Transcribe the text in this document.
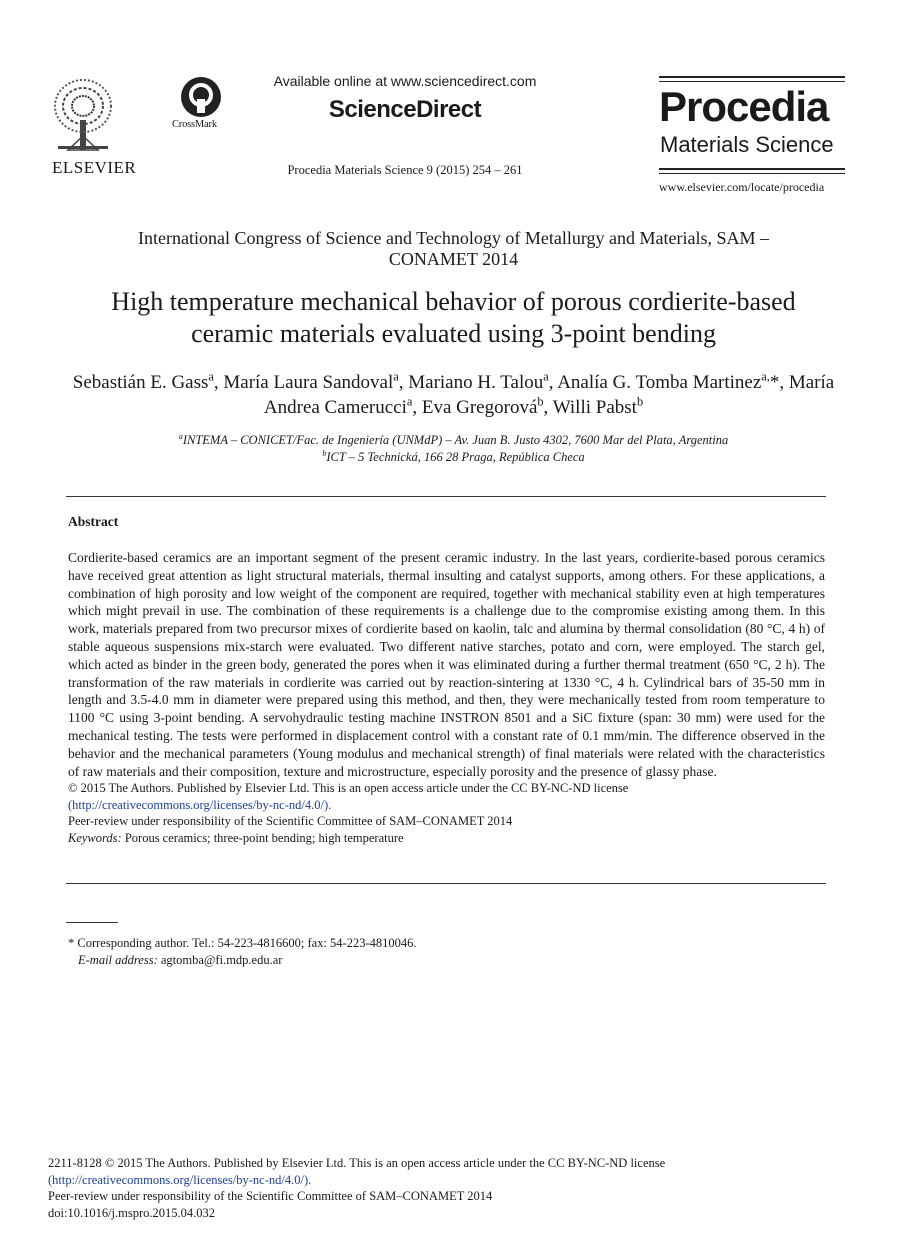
ELSEVIER
CrossMark
Available online at www.sciencedirect.com
ScienceDirect
Procedia Materials Science 9 (2015) 254 – 261
Procedia
Materials Science
www.elsevier.com/locate/procedia
International Congress of Science and Technology of Metallurgy and Materials, SAM –
CONAMET 2014
High temperature mechanical behavior of porous cordierite-based
ceramic materials evaluated using 3-point bending
Sebastián E. Gass$^a$, María Laura Sandoval$^a$, Mariano H. Talou$^a$, Analía G. Tomba Martinez$^{a,}$*, María Andrea Camerucci$^a$, Eva Gregorová$^b$, Willi Pabst$^b$
$^a$INTEMA – CONICET/Fac. de Ingeniería (UNMdP) – Av. Juan B. Justo 4302, 7600 Mar del Plata, Argentina
$^b$ICT – 5 Technická, 166 28 Praga, República Checa
Abstract
Cordierite-based ceramics are an important segment of the present ceramic industry. In the last years, cordierite-based porous ceramics have received great attention as light structural materials, thermal insulting and catalyst supports, among others. For these applications, a combination of high porosity and low weight of the component are required, together with mechanical stability even at high temperatures which might prevail in use. The combination of these requirements is a challenge due to the compromise existing among them. In this work, materials prepared from two precursor mixes of cordierite based on kaolin, talc and alumina by thermal consolidation (80 °C, 4 h) of stable aqueous suspensions mix-starch were evaluated. Two different native starches, potato and corn, were employed. The starch gel, which acted as binder in the green body, generated the pores when it was eliminated during a further thermal treatment (650 °C, 2 h). The transformation of the raw materials in cordierite was carried out by reaction-sintering at 1330 °C, 4 h. Cylindrical bars of 35-50 mm in length and 3.5-4.0 mm in diameter were prepared using this method, and then, they were mechanically tested from room temperature to 1100 °C using 3-point bending. A servohydraulic testing machine INSTRON 8501 and a SiC fixture (span: 30 mm) were used for the mechanical testing. The tests were performed in displacement control with a constant rate of 0.1 mm/min. The difference observed in the behavior and the mechanical parameters (Young modulus and mechanical strength) of final materials were related with the characteristics of raw materials and their composition, texture and microstructure, especially porosity and the presence of glassy phase.
© 2015 The Authors. Published by Elsevier Ltd. This is an open access article under the CC BY-NC-ND license
(http://creativecommons.org/licenses/by-nc-nd/4.0/).
Peer-review under responsibility of the Scientific Committee of SAM–CONAMET 2014
Keywords: Porous ceramics; three-point bending; high temperature
* Corresponding author. Tel.: 54-223-4816600; fax: 54-223-4810046.
E-mail address: agtomba@fi.mdp.edu.ar
2211-8128 © 2015 The Authors. Published by Elsevier Ltd. This is an open access article under the CC BY-NC-ND license
(http://creativecommons.org/licenses/by-nc-nd/4.0/).
Peer-review under responsibility of the Scientific Committee of SAM–CONAMET 2014
doi:10.1016/j.mspro.2015.04.032
